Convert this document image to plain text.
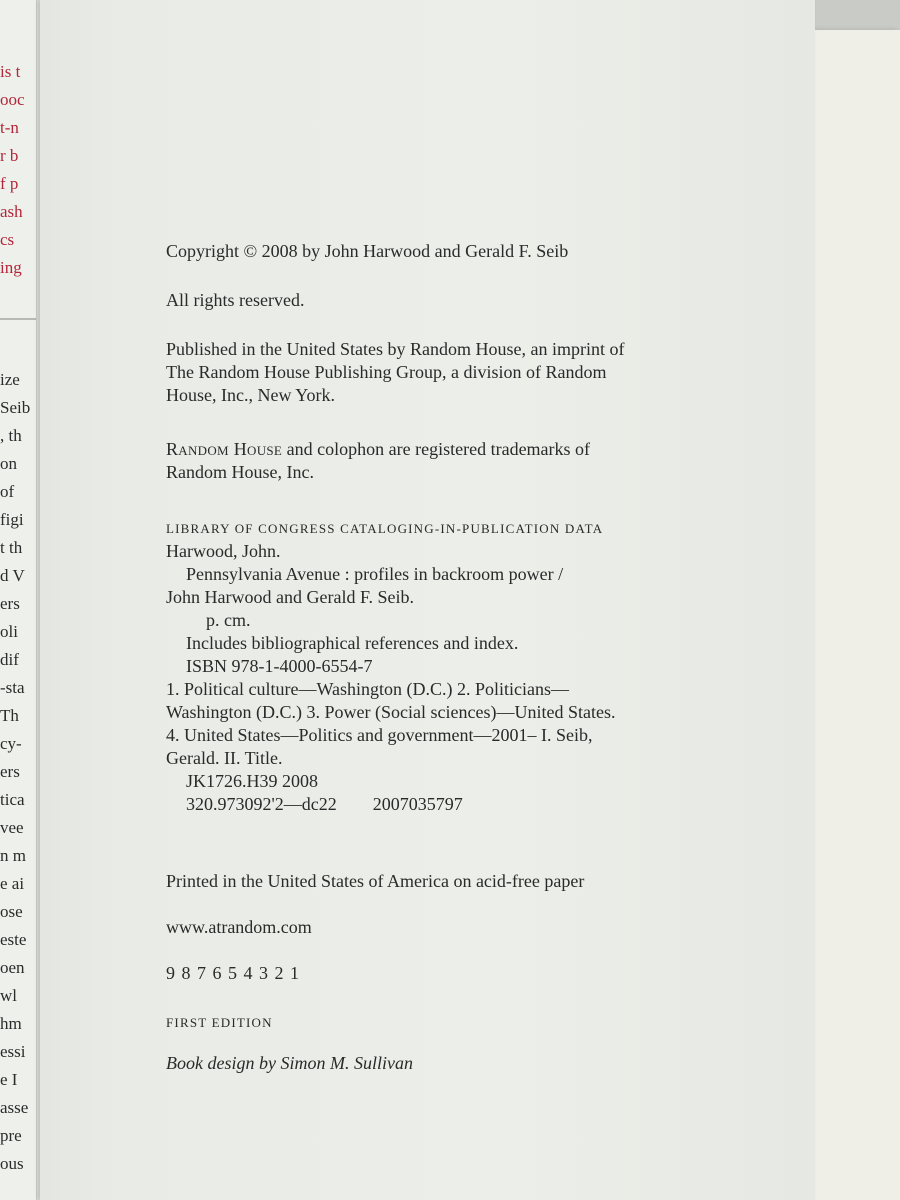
is t
ooc
t-n
r b
f p
ash
cs
ing
ize
Seib
, th
on
of
figi
t th
d V
ers
oli
dif
-sta
Th
cy-
ers
tica
vee
n m
e ai
ose
este
oen
wl
hm
essi
e I
asse
pre
ous

Copyright © 2008 by John Harwood and Gerald F. Seib

All rights reserved.

Published in the United States by Random House, an imprint of

The Random House Publishing Group, a division of Random

House, Inc., New York.

Random House and colophon are registered trademarks of

Random House, Inc.

LIBRARY OF CONGRESS CATALOGING-IN-PUBLICATION DATA

Harwood, John.

Pennsylvania Avenue : profiles in backroom power /

John Harwood and Gerald F. Seib.

p. cm.

Includes bibliographical references and index.

ISBN 978-1-4000-6554-7

1. Political culture—Washington (D.C.) 2. Politicians—

Washington (D.C.) 3. Power (Social sciences)—United States.

4. United States—Politics and government—2001– I. Seib,

Gerald. II. Title.

JK1726.H39 2008

320.973092'2—dc22 2007035797

Printed in the United States of America on acid-free paper

www.atrandom.com

9 8 7 6 5 4 3 2 1

FIRST EDITION

Book design by Simon M. Sullivan
